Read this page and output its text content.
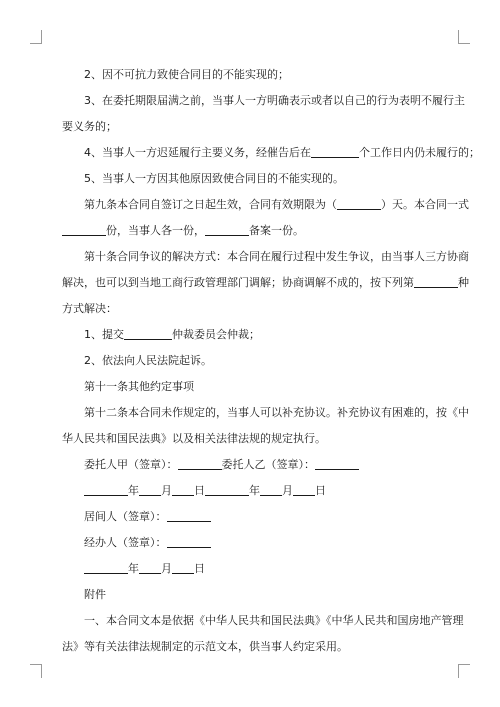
2、因不可抗力致使合同目的不能实现的；

3、在委托期限届满之前，当事人一方明确表示或者以自己的行为表明不履行主

要义务的；

4、当事人一方迟延履行主要义务，经催告后在	个工作日内仍未履行的；

5、当事人一方因其他原因致使合同目的不能实现的。

第九条本合同自签订之日起生效，合同有效期限为（	）天。本合同一式

份，当事人各一份，	备案一份。

第十条合同争议的解决方式：本合同在履行过程中发生争议，由当事人三方协商

解决，也可以到当地工商行政管理部门调解；协商调解不成的，按下列第	种

方式解决：

1、提交	仲裁委员会仲裁；

2、依法向人民法院起诉。

第十一条其他约定事项

第十二条本合同未作规定的，当事人可以补充协议。补充协议有困难的，按《中

华人民共和国民法典》以及相关法律法规的规定执行。

委托人甲（签章）：	委托人乙（签章）：

年 月 日	年 月 日

居间人（签章）：

经办人（签章）：

年 月 日

附件

一、本合同文本是依据《中华人民共和国民法典》《中华人民共和国房地产管理

法》等有关法律法规制定的示范文本，供当事人约定采用。
